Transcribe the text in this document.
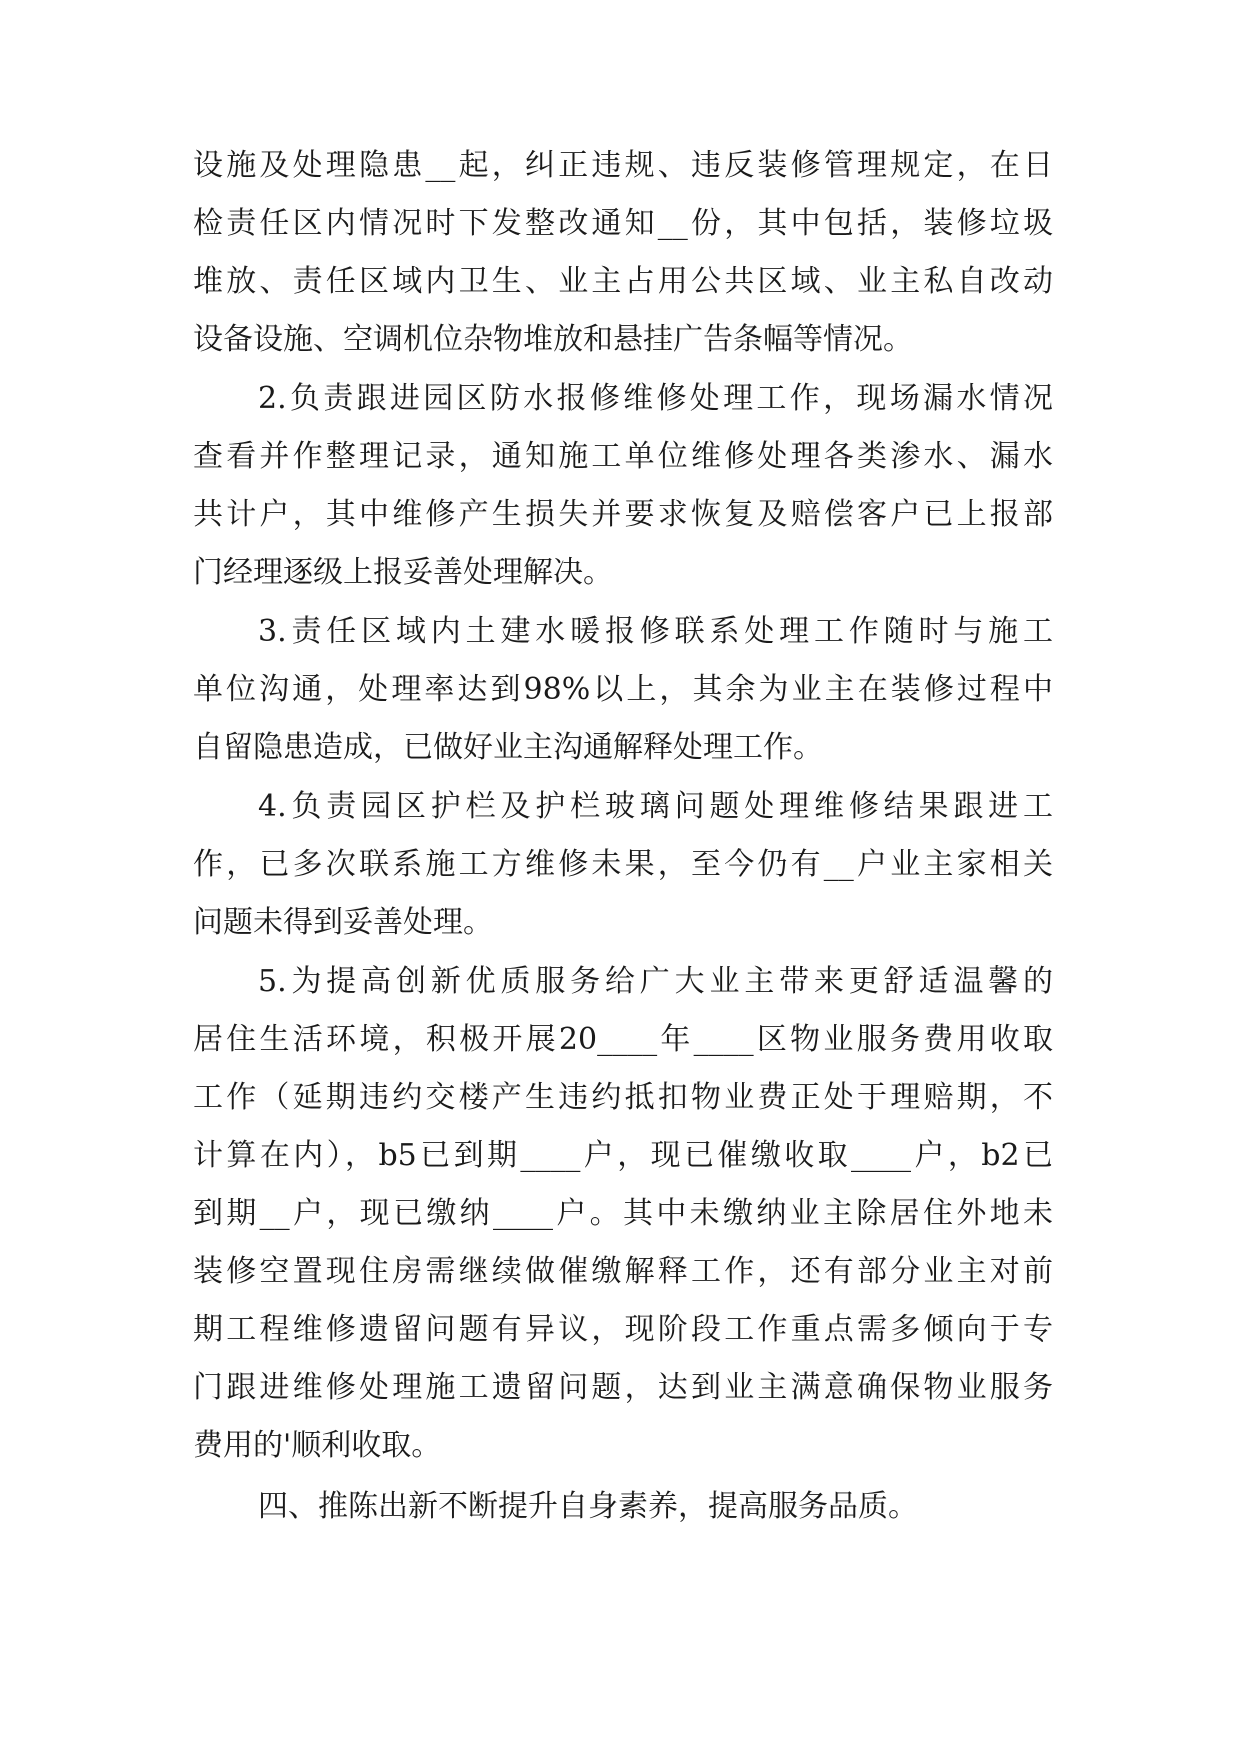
设施及处理隐患__起，纠正违规、违反装修管理规定，在日
检责任区内情况时下发整改通知__份，其中包括，装修垃圾
堆放、责任区域内卫生、业主占用公共区域、业主私自改动
设备设施、空调机位杂物堆放和悬挂广告条幅等情况。
2.负责跟进园区防水报修维修处理工作，现场漏水情况
查看并作整理记录，通知施工单位维修处理各类渗水、漏水
共计户，其中维修产生损失并要求恢复及赔偿客户已上报部
门经理逐级上报妥善处理解决。
3.责任区域内土建水暖报修联系处理工作随时与施工
单位沟通，处理率达到98%以上，其余为业主在装修过程中
自留隐患造成，已做好业主沟通解释处理工作。
4.负责园区护栏及护栏玻璃问题处理维修结果跟进工
作，已多次联系施工方维修未果，至今仍有__户业主家相关
问题未得到妥善处理。
5.为提高创新优质服务给广大业主带来更舒适温馨的
居住生活环境，积极开展20____年____区物业服务费用收取
工作（延期违约交楼产生违约抵扣物业费正处于理赔期，不
计算在内），b5已到期____户，现已催缴收取____户，b2已
到期__户，现已缴纳____户。其中未缴纳业主除居住外地未
装修空置现住房需继续做催缴解释工作，还有部分业主对前
期工程维修遗留问题有异议，现阶段工作重点需多倾向于专
门跟进维修处理施工遗留问题，达到业主满意确保物业服务
费用的'顺利收取。
四、推陈出新不断提升自身素养，提高服务品质。
